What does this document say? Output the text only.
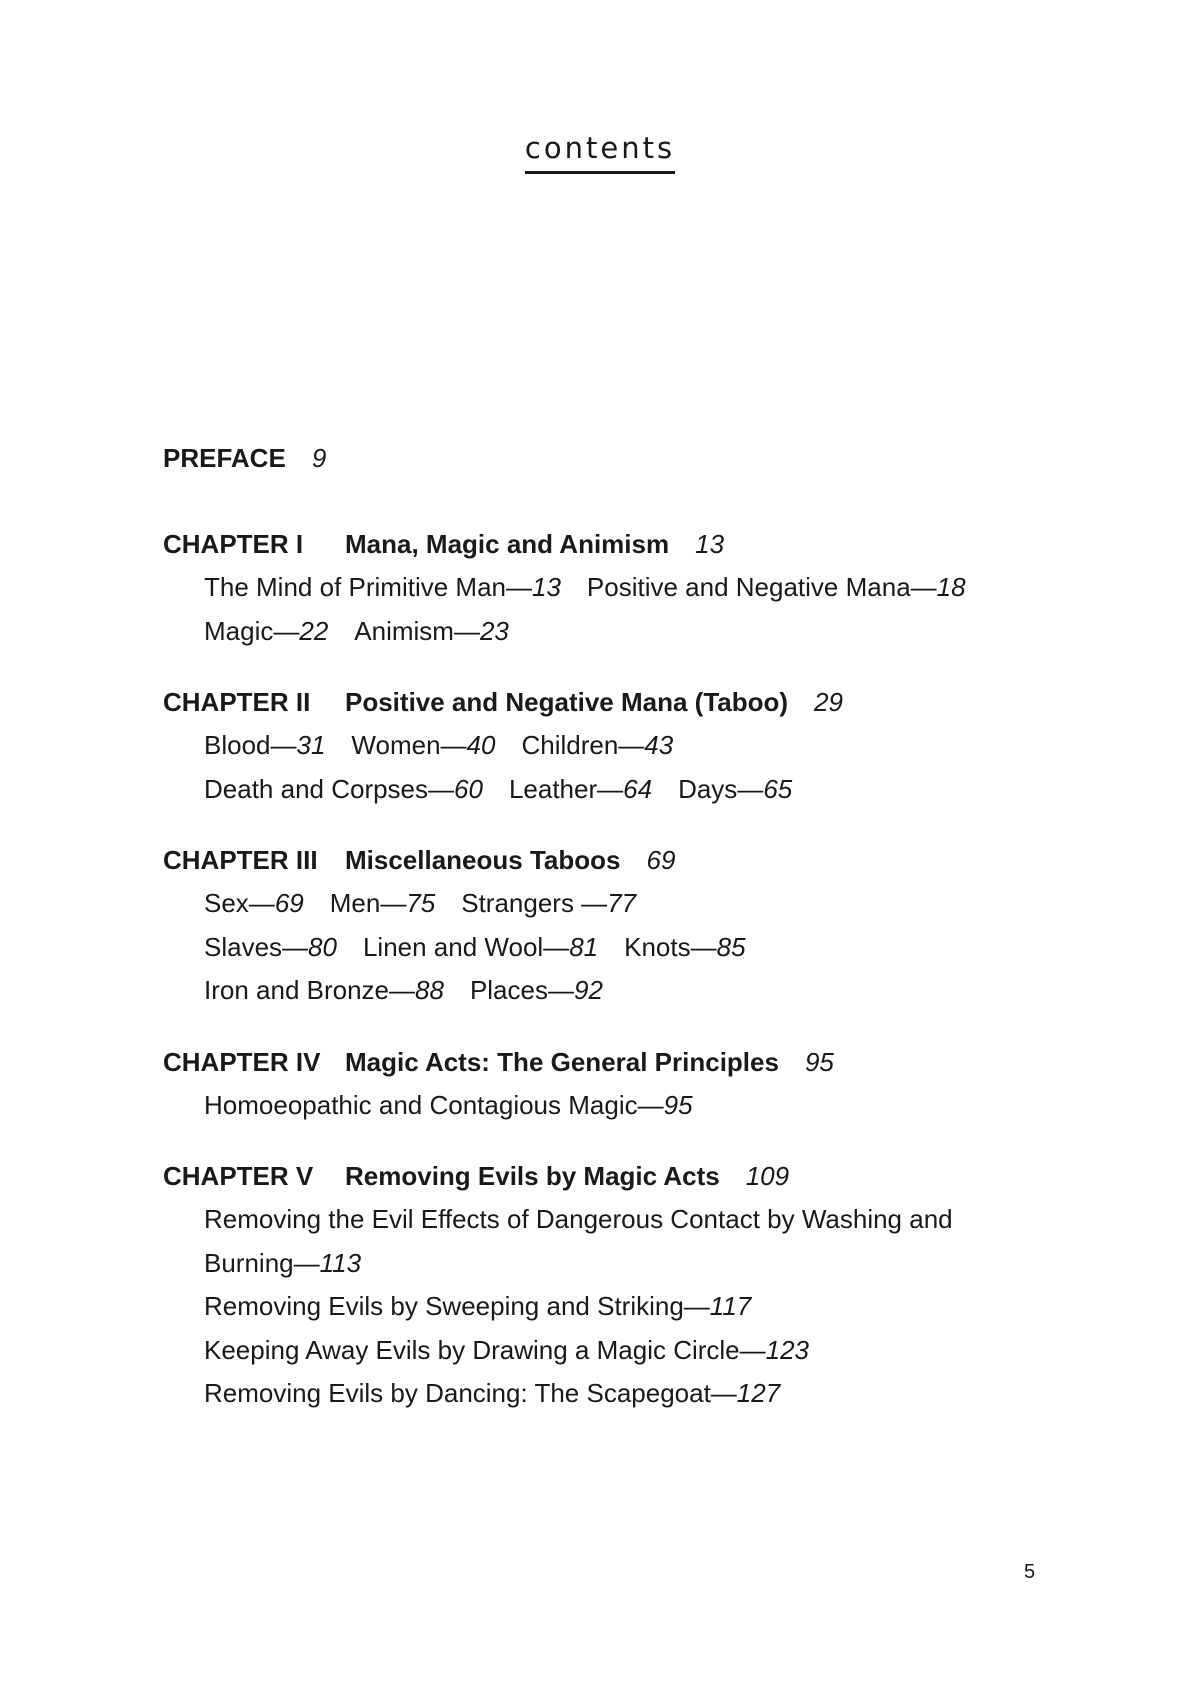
contents
PREFACE 9
CHAPTER I Mana, Magic and Animism 13
The Mind of Primitive Man—13 Positive and Negative Mana—18
Magic—22 Animism—23
CHAPTER II Positive and Negative Mana (Taboo) 29
Blood—31 Women—40 Children—43
Death and Corpses—60 Leather—64 Days—65
CHAPTER III Miscellaneous Taboos 69
Sex—69 Men—75 Strangers —77
Slaves—80 Linen and Wool—81 Knots—85
Iron and Bronze—88 Places—92
CHAPTER IV Magic Acts: The General Principles 95
Homoeopathic and Contagious Magic—95
CHAPTER V Removing Evils by Magic Acts 109
Removing the Evil Effects of Dangerous Contact by Washing and Burning—113
Removing Evils by Sweeping and Striking—117
Keeping Away Evils by Drawing a Magic Circle—123
Removing Evils by Dancing: The Scapegoat—127
5
